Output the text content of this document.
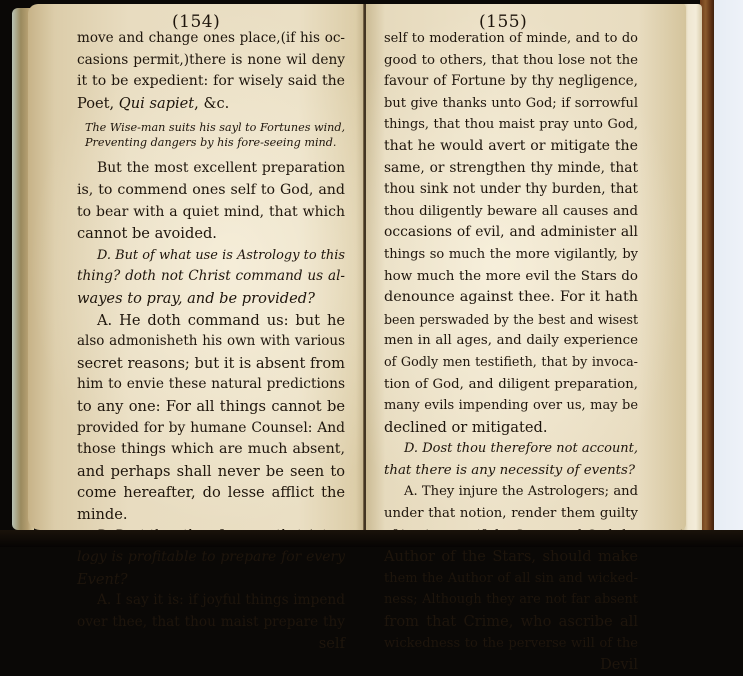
(154)
move and change ones place,(if his oc-
casions permit,)there is none wil deny
it to be expedient: for wisely said the
Poet, Qui sapiet, &c.
The Wise-man suits his sayl to Fortunes wind,
Preventing dangers by his fore-seeing mind.
But the most excellent preparation
is, to commend ones self to God, and
to bear with a quiet mind, that which
cannot be avoided.
D. But of what use is Astrology to this
thing? doth not Christ command us al-
wayes to pray, and be provided?
A. He doth command us: but he
also admonisheth his own with various
secret reasons; but it is absent from
him to envie these natural predictions
to any one: For all things cannot be
provided for by humane Counsel: And
those things which are much absent,
and perhaps shall never be seen to
come hereafter, do lesse afflict the
minde.
logy is profitable to prepare for every
Event?
A. I say it is: if joyful things impend
over thee, that thou maist prepare thy
self
(155)
self to moderation of minde, and to do
good to others, that thou lose not the
favour of Fortune by thy negligence,
but give thanks unto God; if sorrowful
things, that thou maist pray unto God,
that he would avert or mitigate the
same, or strengthen thy minde, that
thou sink not under thy burden, that
thou diligently beware all causes and
occasions of evil, and administer all
things so much the more vigilantly, by
how much the more evil the Stars do
denounce against thee. For it hath
been perswaded by the best and wisest
men in all ages, and daily experience
of Godly men testifieth, that by invoca-
tion of God, and diligent preparation,
many evils impending over us, may be
declined or mitigated.
D. Dost thou therefore not account,
that there is any necessity of events?
A. They injure the Astrologers; and
under that notion, render them guilty
Author of the Stars, should make
them the Author of all sin and wicked-
ness; Although they are not far absent
from that Crime, who ascribe all
wickedness to the perverse will of the
Devil
